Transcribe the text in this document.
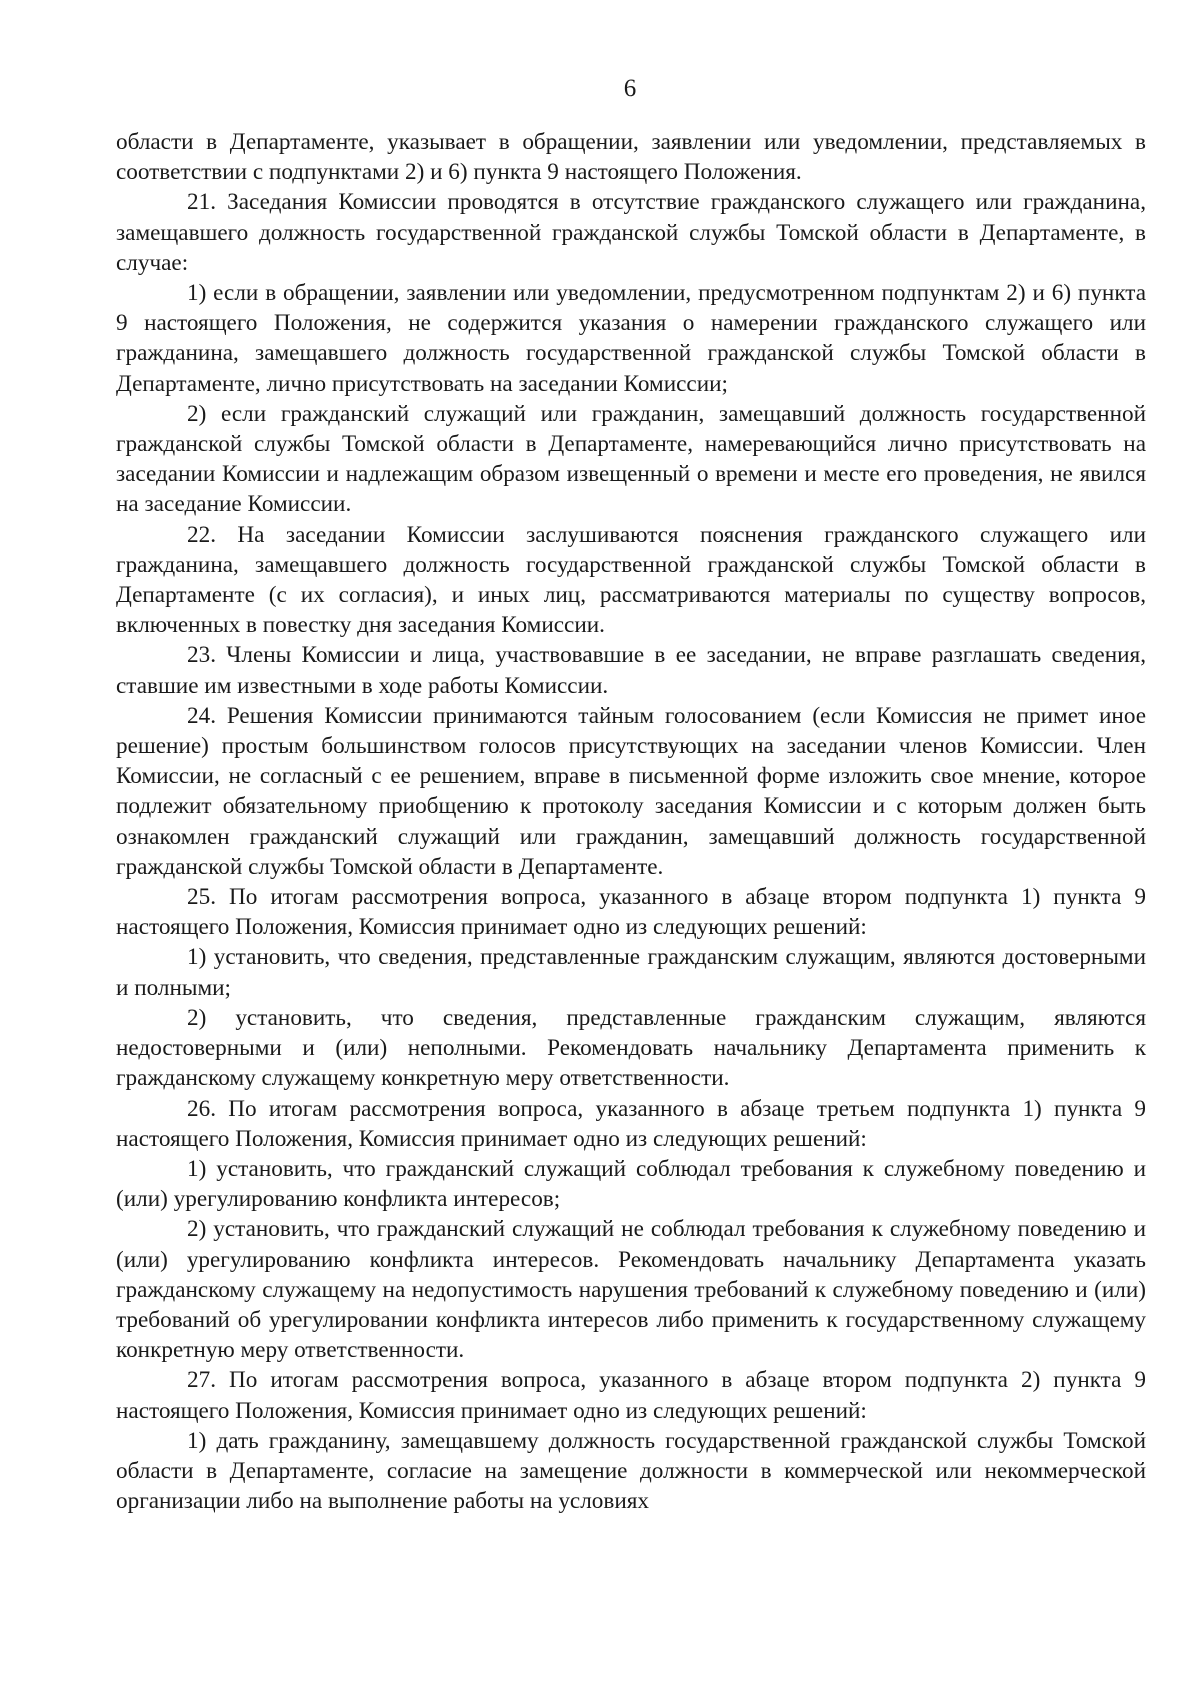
6

области в Департаменте, указывает в обращении, заявлении или уведомлении, представляемых в соответствии с подпунктами 2) и 6) пункта 9 настоящего Положения.

21. Заседания Комиссии проводятся в отсутствие гражданского служащего или гражданина, замещавшего должность государственной гражданской службы Томской области в Департаменте, в случае:

1) если в обращении, заявлении или уведомлении, предусмотренном подпунктам 2) и 6) пункта 9 настоящего Положения, не содержится указания о намерении гражданского служащего или гражданина, замещавшего должность государственной гражданской службы Томской области в Департаменте, лично присутствовать на заседании Комиссии;

2) если гражданский служащий или гражданин, замещавший должность государственной гражданской службы Томской области в Департаменте, намеревающийся лично присутствовать на заседании Комиссии и надлежащим образом извещенный о времени и месте его проведения, не явился на заседание Комиссии.

22. На заседании Комиссии заслушиваются пояснения гражданского служащего или гражданина, замещавшего должность государственной гражданской службы Томской области в Департаменте (с их согласия), и иных лиц, рассматриваются материалы по существу вопросов, включенных в повестку дня заседания Комиссии.

23. Члены Комиссии и лица, участвовавшие в ее заседании, не вправе разглашать сведения, ставшие им известными в ходе работы Комиссии.

24. Решения Комиссии принимаются тайным голосованием (если Комиссия не примет иное решение) простым большинством голосов присутствующих на заседании членов Комиссии. Член Комиссии, не согласный с ее решением, вправе в письменной форме изложить свое мнение, которое подлежит обязательному приобщению к протоколу заседания Комиссии и с которым должен быть ознакомлен гражданский служащий или гражданин, замещавший должность государственной гражданской службы Томской области в Департаменте.

25. По итогам рассмотрения вопроса, указанного в абзаце втором подпункта 1) пункта 9 настоящего Положения, Комиссия принимает одно из следующих решений:

1) установить, что сведения, представленные гражданским служащим, являются достоверными и полными;

2) установить, что сведения, представленные гражданским служащим, являются недостоверными и (или) неполными. Рекомендовать начальнику Департамента применить к гражданскому служащему конкретную меру ответственности.

26. По итогам рассмотрения вопроса, указанного в абзаце третьем подпункта 1) пункта 9 настоящего Положения, Комиссия принимает одно из следующих решений:

1) установить, что гражданский служащий соблюдал требования к служебному поведению и (или) урегулированию конфликта интересов;

2) установить, что гражданский служащий не соблюдал требования к служебному поведению и (или) урегулированию конфликта интересов. Рекомендовать начальнику Департамента указать гражданскому служащему на недопустимость нарушения требований к служебному поведению и (или) требований об урегулировании конфликта интересов либо применить к государственному служащему конкретную меру ответственности.

27. По итогам рассмотрения вопроса, указанного в абзаце втором подпункта 2) пункта 9 настоящего Положения, Комиссия принимает одно из следующих решений:

1) дать гражданину, замещавшему должность государственной гражданской службы Томской области в Департаменте, согласие на замещение должности в коммерческой или некоммерческой организации либо на выполнение работы на условиях
